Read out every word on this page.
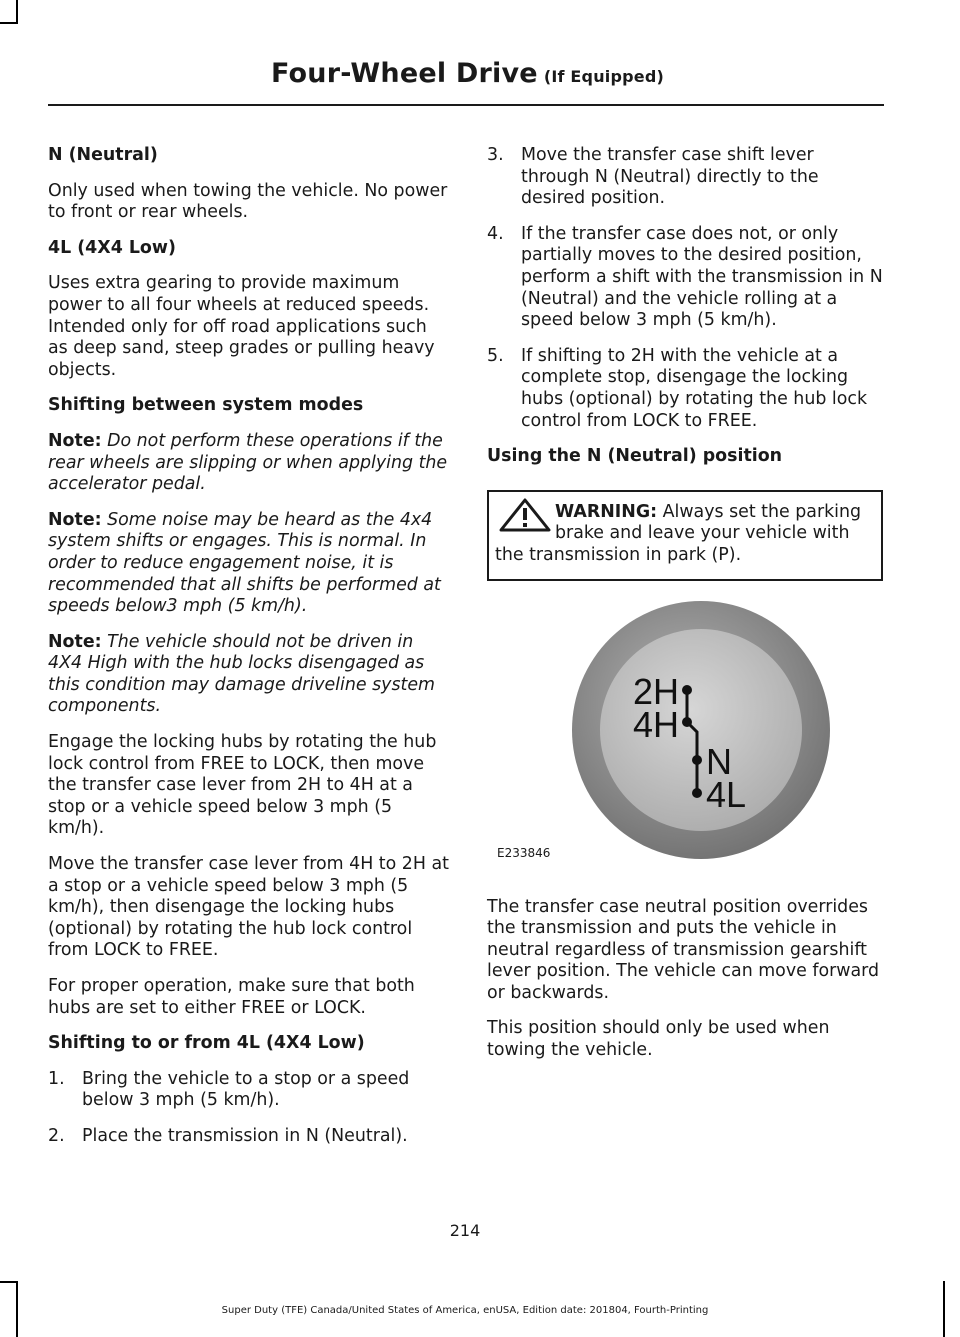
Four-Wheel Drive (If Equipped)
N (Neutral)

Only used when towing the vehicle. No power to front or rear wheels.

4L (4X4 Low)

Uses extra gearing to provide maximum power to all four wheels at reduced speeds. Intended only for off road applications such as deep sand, steep grades or pulling heavy objects.

Shifting between system modes

Note: Do not perform these operations if the rear wheels are slipping or when applying the accelerator pedal.

Note: Some noise may be heard as the 4x4 system shifts or engages. This is normal. In order to reduce engagement noise, it is recommended that all shifts be performed at speeds below3 mph (5 km/h).

Note: The vehicle should not be driven in 4X4 High with the hub locks disengaged as this condition may damage driveline system components.

Engage the locking hubs by rotating the hub lock control from FREE to LOCK, then move the transfer case lever from 2H to 4H at a stop or a vehicle speed below 3 mph (5 km/h).

Move the transfer case lever from 4H to 2H at a stop or a vehicle speed below 3 mph (5 km/h), then disengage the locking hubs (optional) by rotating the hub lock control from LOCK to FREE.

For proper operation, make sure that both hubs are set to either FREE or LOCK.

Shifting to or from 4L (4X4 Low)
1. Bring the vehicle to a stop or a speed below 3 mph (5 km/h).
2. Place the transmission in N (Neutral).
3. Move the transfer case shift lever through N (Neutral) directly to the desired position.
4. If the transfer case does not, or only partially moves to the desired position, perform a shift with the transmission in N (Neutral) and the vehicle rolling at a speed below 3 mph (5 km/h).
5. If shifting to 2H with the vehicle at a complete stop, disengage the locking hubs (optional) by rotating the hub lock control from LOCK to FREE.
Using the N (Neutral) position
WARNING: Always set the parking brake and leave your vehicle with the transmission in park (P).
2H
4H
N
4L
E233846

The transfer case neutral position overrides the transmission and puts the vehicle in neutral regardless of transmission gearshift lever position. The vehicle can move forward or backwards.

This position should only be used when towing the vehicle.

214
Super Duty (TFE) Canada/United States of America, enUSA, Edition date: 201804, Fourth-Printing
